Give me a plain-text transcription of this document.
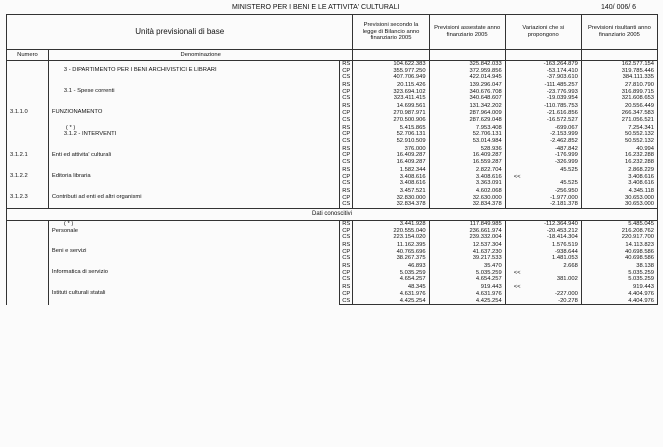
MINISTERO PER I BENI E LE ATTIVITA' CULTURALI	140/ 006/ 6
Unità previsionali di base			Previsioni secondo la legge di Bilancio anno finanziario 2005	Previsioni assestate anno finanziario 2005	Variazioni che si propongono	Previsioni risultanti anno finanziario 2005
Numero	Denominazione					

	3 - DIPARTIMENTO PER I BENI ARCHIVISTICI E LIBRARI	RS	104.622.383	325.842.033	-163.264.879	162.577.154
		CP	355.977.250	372.959.856	-53.174.410	319.785.446
		CS	407.706.949	422.014.945	-37.903.610	384.111.335

	3.1 - Spese correnti	RS	20.115.426	139.296.047	-111.485.257	27.810.790
		CP	323.694.102	340.676.708	-23.776.993	316.899.715
		CS	323.411.415	340.648.607	-19.039.954	321.608.653

3.1.1.0	FUNZIONAMENTO	RS	14.699.561	131.342.202	-110.785.753	20.556.449
		CP	270.987.971	287.964.009	-21.616.856	266.347.583
		CS	270.500.906	287.629.048	-16.572.527	271.056.521

	( * )
3.1.2 - INTERVENTI	RS	5.415.865	7.953.408	-699.067	7.254.341
		CP	52.706.131	52.706.131	-2.153.999	50.552.132
		CS	52.910.509	53.014.984	-2.462.852	50.552.132

3.1.2.1	Enti ed attivita' culturali	RS	376.000	528.936	-487.842	40.994
		CP	16.409.287	16.409.287	-176.999	16.232.288
		CS	16.409.287	16.559.287	-326.999	16.232.288

3.1.2.2	Editoria libraria	RS	1.582.344	2.822.704	45.525	2.868.229
		CP	3.408.616	3.408.616	<<	3.408.616
		CS	3.408.616	3.363.091	45.525	3.408.616

3.1.2.3	Contributi ad enti ed altri organismi	RS	3.457.521	4.602.068	-256.950	4.345.118
		CP	32.830.000	32.630.000	-1.977.000	30.653.000
		CS	32.834.378	32.834.378	-2.181.378	30.653.000
Dati conoscitivi						

	( * )
Personale	RS	3.441.928	117.849.985	-112.364.940	5.485.045
		CP	220.555.040	236.661.974	-20.453.212	216.208.762
		CS	223.154.020	239.332.004	-18.414.304	220.917.700

	Beni e servizi	RS	11.162.395	12.537.304	1.576.519	14.113.823
		CP	40.765.696	41.637.230	-938.644	40.698.586
		CS	38.267.375	39.217.533	1.481.053	40.698.586

	Informatica di servizio	RS	46.893	35.470	2.668	38.138
		CP	5.035.259	5.035.259	<<	5.035.259
		CS	4.654.257	4.654.257	381.002	5.035.259

	Istituti culturali statali	RS	48.345	919.443	<<	919.443
		CP	4.631.976	4.631.976	-227.000	4.404.976
		CS	4.425.254	4.425.254	-20.278	4.404.976
